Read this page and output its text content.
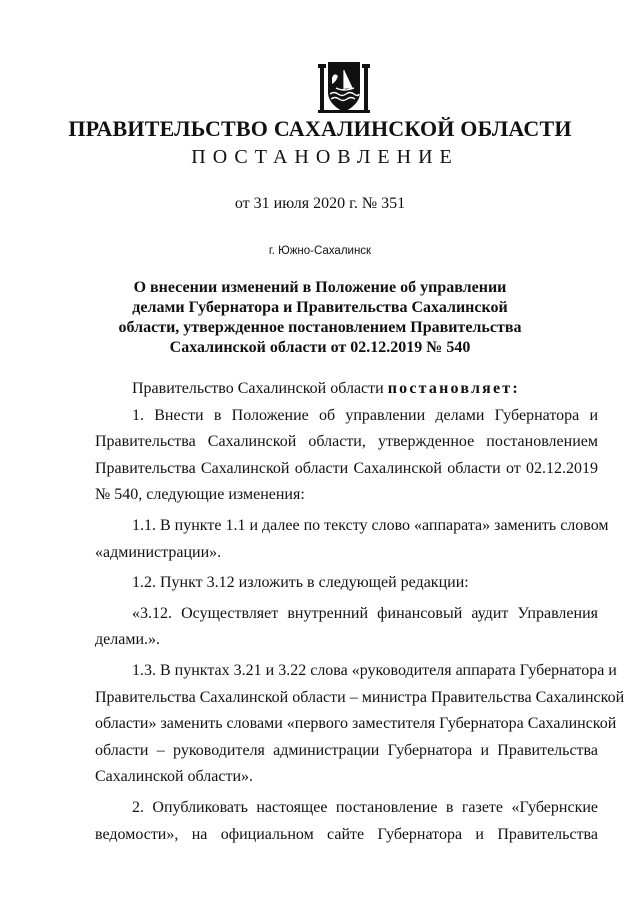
ПРАВИТЕЛЬСТВО САХАЛИНСКОЙ ОБЛАСТИ
ПОСТАНОВЛЕНИЕ
от 31 июля 2020 г. № 351
г. Южно-Сахалинск
О внесении изменений в Положение об управлении
делами Губернатора и Правительства Сахалинской
области, утвержденное постановлением Правительства
Сахалинской области от 02.12.2019 № 540
Правительство Сахалинской области постановляет:
1. Внести в Положение об управлении делами Губернатора и
Правительства Сахалинской области, утвержденное постановлением
Правительства Сахалинской области Сахалинской области от 02.12.2019
№ 540, следующие изменения:
1.1. В пункте 1.1 и далее по тексту слово «аппарата» заменить словом
«администрации».
1.2. Пункт 3.12 изложить в следующей редакции:
«3.12. Осуществляет внутренний финансовый аудит Управления
делами.».
1.3. В пунктах 3.21 и 3.22 слова «руководителя аппарата Губернатора и
Правительства Сахалинской области – министра Правительства Сахалинской
области» заменить словами «первого заместителя Губернатора Сахалинской
области – руководителя администрации Губернатора и Правительства
Сахалинской области».
2. Опубликовать настоящее постановление в газете «Губернские
ведомости», на официальном сайте Губернатора и Правительства
